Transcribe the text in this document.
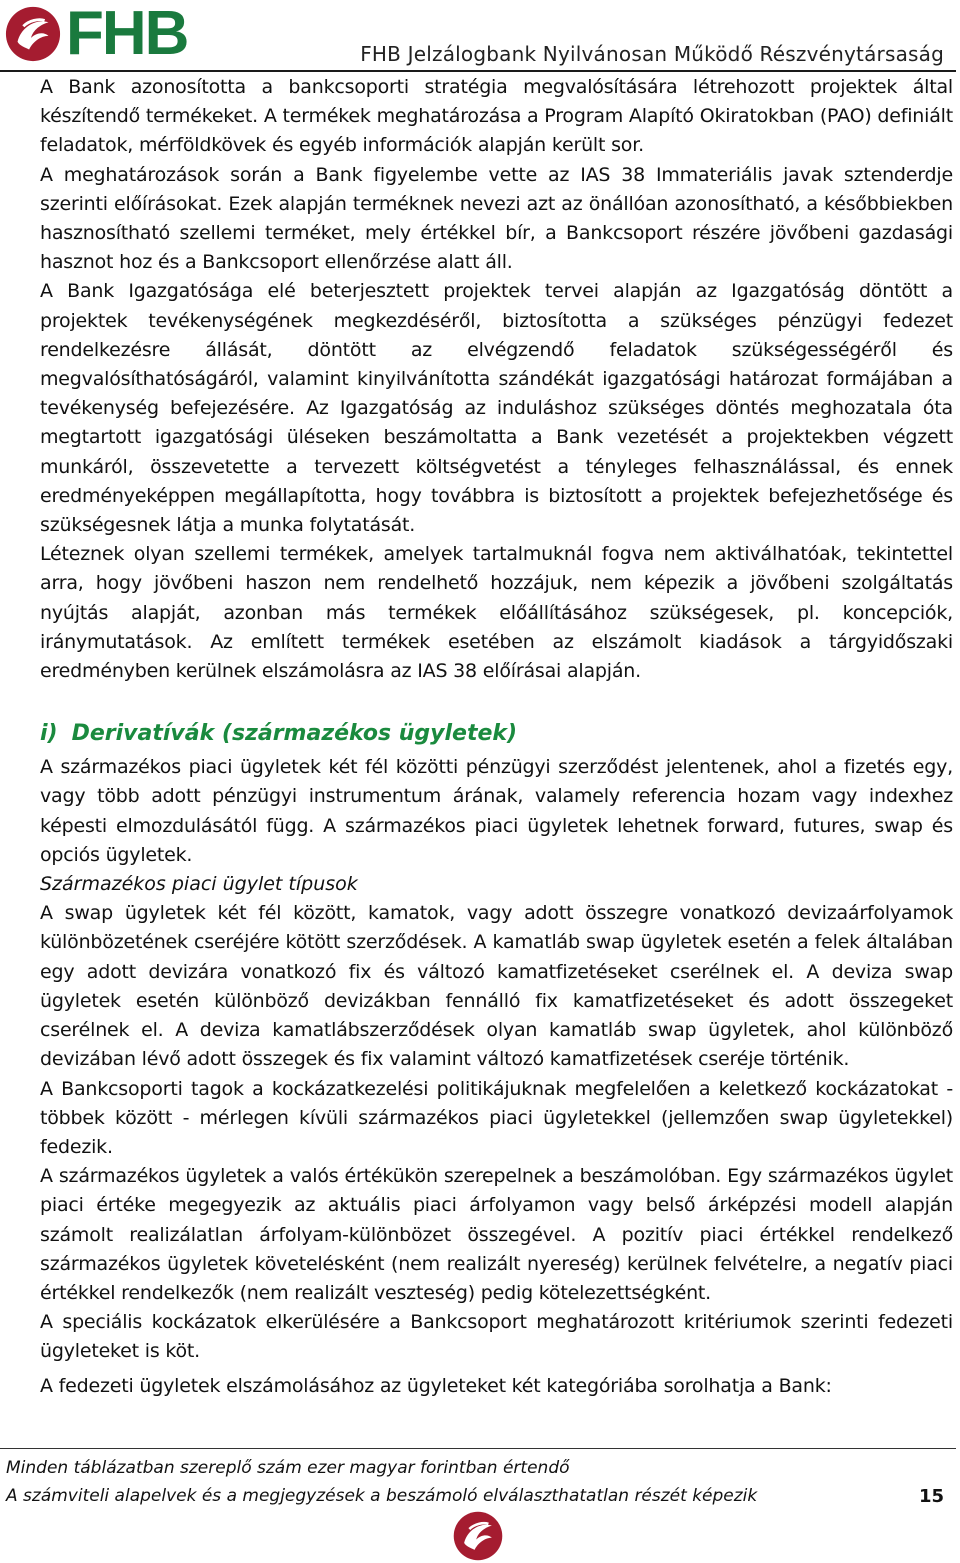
FHB	FHB Jelzálogbank Nyilvánosan Működő Részvénytársaság

A Bank azonosította a bankcsoporti stratégia megvalósítására létrehozott projektek által készítendő termékeket. A termékek meghatározása a Program Alapító Okiratokban (PAO) definiált feladatok, mérföldkövek és egyéb információk alapján került sor.

A meghatározások során a Bank figyelembe vette az IAS 38 Immateriális javak sztenderdje szerinti előírásokat. Ezek alapján terméknek nevezi azt az önállóan azonosítható, a későbbiekben hasznosítható szellemi terméket, mely értékkel bír, a Bankcsoport részére jövőbeni gazdasági hasznot hoz és a Bankcsoport ellenőrzése alatt áll.

A Bank Igazgatósága elé beterjesztett projektek tervei alapján az Igazgatóság döntött a projektek tevékenységének megkezdéséről, biztosította a szükséges pénzügyi fedezet rendelkezésre állását, döntött az elvégzendő feladatok szükségességéről és megvalósíthatóságáról, valamint kinyilvánította szándékát igazgatósági határozat formájában a tevékenység befejezésére. Az Igazgatóság az induláshoz szükséges döntés meghozatala óta megtartott igazgatósági üléseken beszámoltatta a Bank vezetését a projektekben végzett munkáról, összevetette a tervezett költségvetést a tényleges felhasználással, és ennek eredményeképpen megállapította, hogy továbbra is biztosított a projektek befejezhetősége és szükségesnek látja a munka folytatását.

Léteznek olyan szellemi termékek, amelyek tartalmuknál fogva nem aktiválhatóak, tekintettel arra, hogy jövőbeni haszon nem rendelhető hozzájuk, nem képezik a jövőbeni szolgáltatás nyújtás alapját, azonban más termékek előállításához szükségesek, pl. koncepciók, iránymutatások. Az említett termékek esetében az elszámolt kiadások a tárgyidőszaki eredményben kerülnek elszámolásra az IAS 38 előírásai alapján.

i) Derivatívák (származékos ügyletek)

A származékos piaci ügyletek két fél közötti pénzügyi szerződést jelentenek, ahol a fizetés egy, vagy több adott pénzügyi instrumentum árának, valamely referencia hozam vagy indexhez képesti elmozdulásától függ. A származékos piaci ügyletek lehetnek forward, futures, swap és opciós ügyletek.

Származékos piaci ügylet típusok

A swap ügyletek két fél között, kamatok, vagy adott összegre vonatkozó devizaárfolyamok különbözetének cseréjére kötött szerződések. A kamatláb swap ügyletek esetén a felek általában egy adott devizára vonatkozó fix és változó kamatfizetéseket cserélnek el. A deviza swap ügyletek esetén különböző devizákban fennálló fix kamatfizetéseket és adott összegeket cserélnek el. A deviza kamatlábszerződések olyan kamatláb swap ügyletek, ahol különböző devizában lévő adott összegek és fix valamint változó kamatfizetések cseréje történik.

A Bankcsoporti tagok a kockázatkezelési politikájuknak megfelelően a keletkező kockázatokat - többek között - mérlegen kívüli származékos piaci ügyletekkel (jellemzően swap ügyletekkel) fedezik.

A származékos ügyletek a valós értékükön szerepelnek a beszámolóban. Egy származékos ügylet piaci értéke megegyezik az aktuális piaci árfolyamon vagy belső árképzési modell alapján számolt realizálatlan árfolyam-különbözet összegével. A pozitív piaci értékkel rendelkező származékos ügyletek követelésként (nem realizált nyereség) kerülnek felvételre, a negatív piaci értékkel rendelkezők (nem realizált veszteség) pedig kötelezettségként.

A speciális kockázatok elkerülésére a Bankcsoport meghatározott kritériumok szerinti fedezeti ügyleteket is köt.

A fedezeti ügyletek elszámolásához az ügyleteket két kategóriába sorolhatja a Bank:

Minden táblázatban szereplő szám ezer magyar forintban értendő
A számviteli alapelvek és a megjegyzések a beszámoló elválaszthatatlan részét képezik	15
